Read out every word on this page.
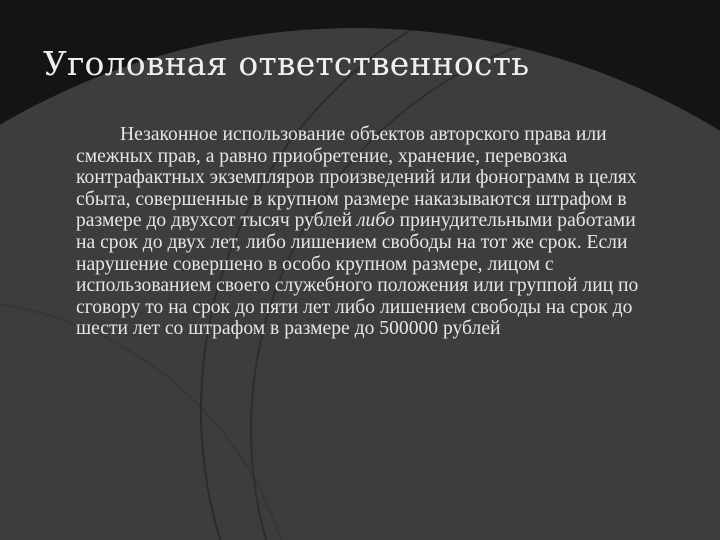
Уголовная ответственность

Незаконное использование объектов авторского права или смежных прав, а равно приобретение, хранение, перевозка контрафактных экземпляров произведений или фонограмм в целях сбыта, совершенные в крупном размере наказываются штрафом в размере до двухсот тысяч рублей либо принудительными работами на срок до двух лет, либо лишением свободы на тот же срок. Если нарушение совершено в особо крупном размере, лицом с использованием своего служебного положения или группой лиц по сговору то на срок до пяти лет либо лишением свободы на срок до шести лет со штрафом в размере до 500000 рублей
